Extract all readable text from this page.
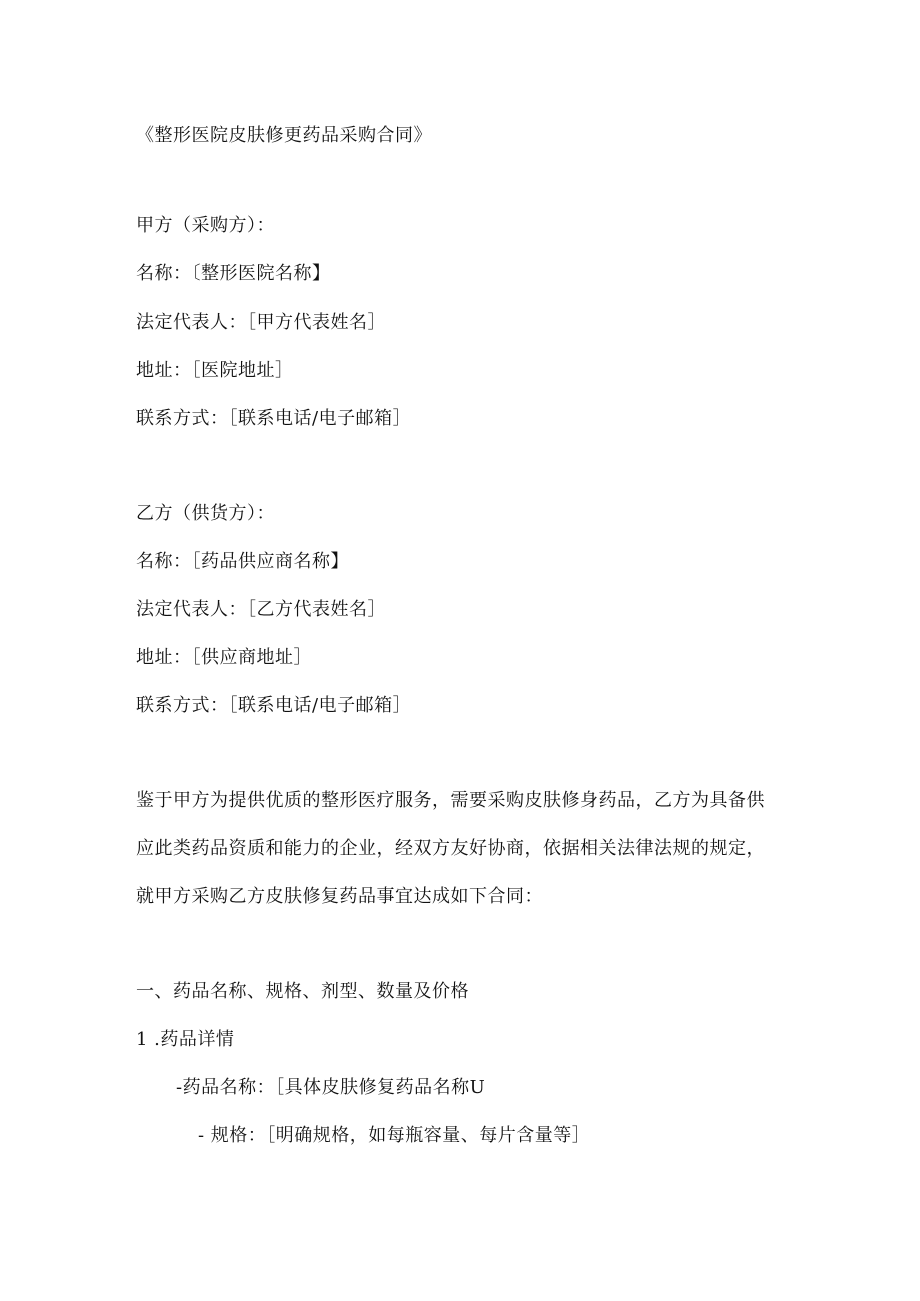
《整形医院皮肤修更药品采购合同》
甲方（采购方）：
名称：〔整形医院名称】
法定代表人：［甲方代表姓名］
地址：［医院地址］
联系方式：［联系电话/电子邮箱］
乙方（供货方）：
名称：［药品供应商名称】
法定代表人：［乙方代表姓名］
地址：［供应商地址］
联系方式：［联系电话/电子邮箱］
鉴于甲方为提供优质的整形医疗服务，需要采购皮肤修身药品，乙方为具备供
应此类药品资质和能力的企业，经双方友好协商，依据相关法律法规的规定，
就甲方采购乙方皮肤修复药品事宜达成如下合同：
一、药品名称、规格、剂型、数量及价格
1 .药品详情
-药品名称：［具体皮肤修复药品名称U
- 规格：［明确规格，如每瓶容量、每片含量等］
